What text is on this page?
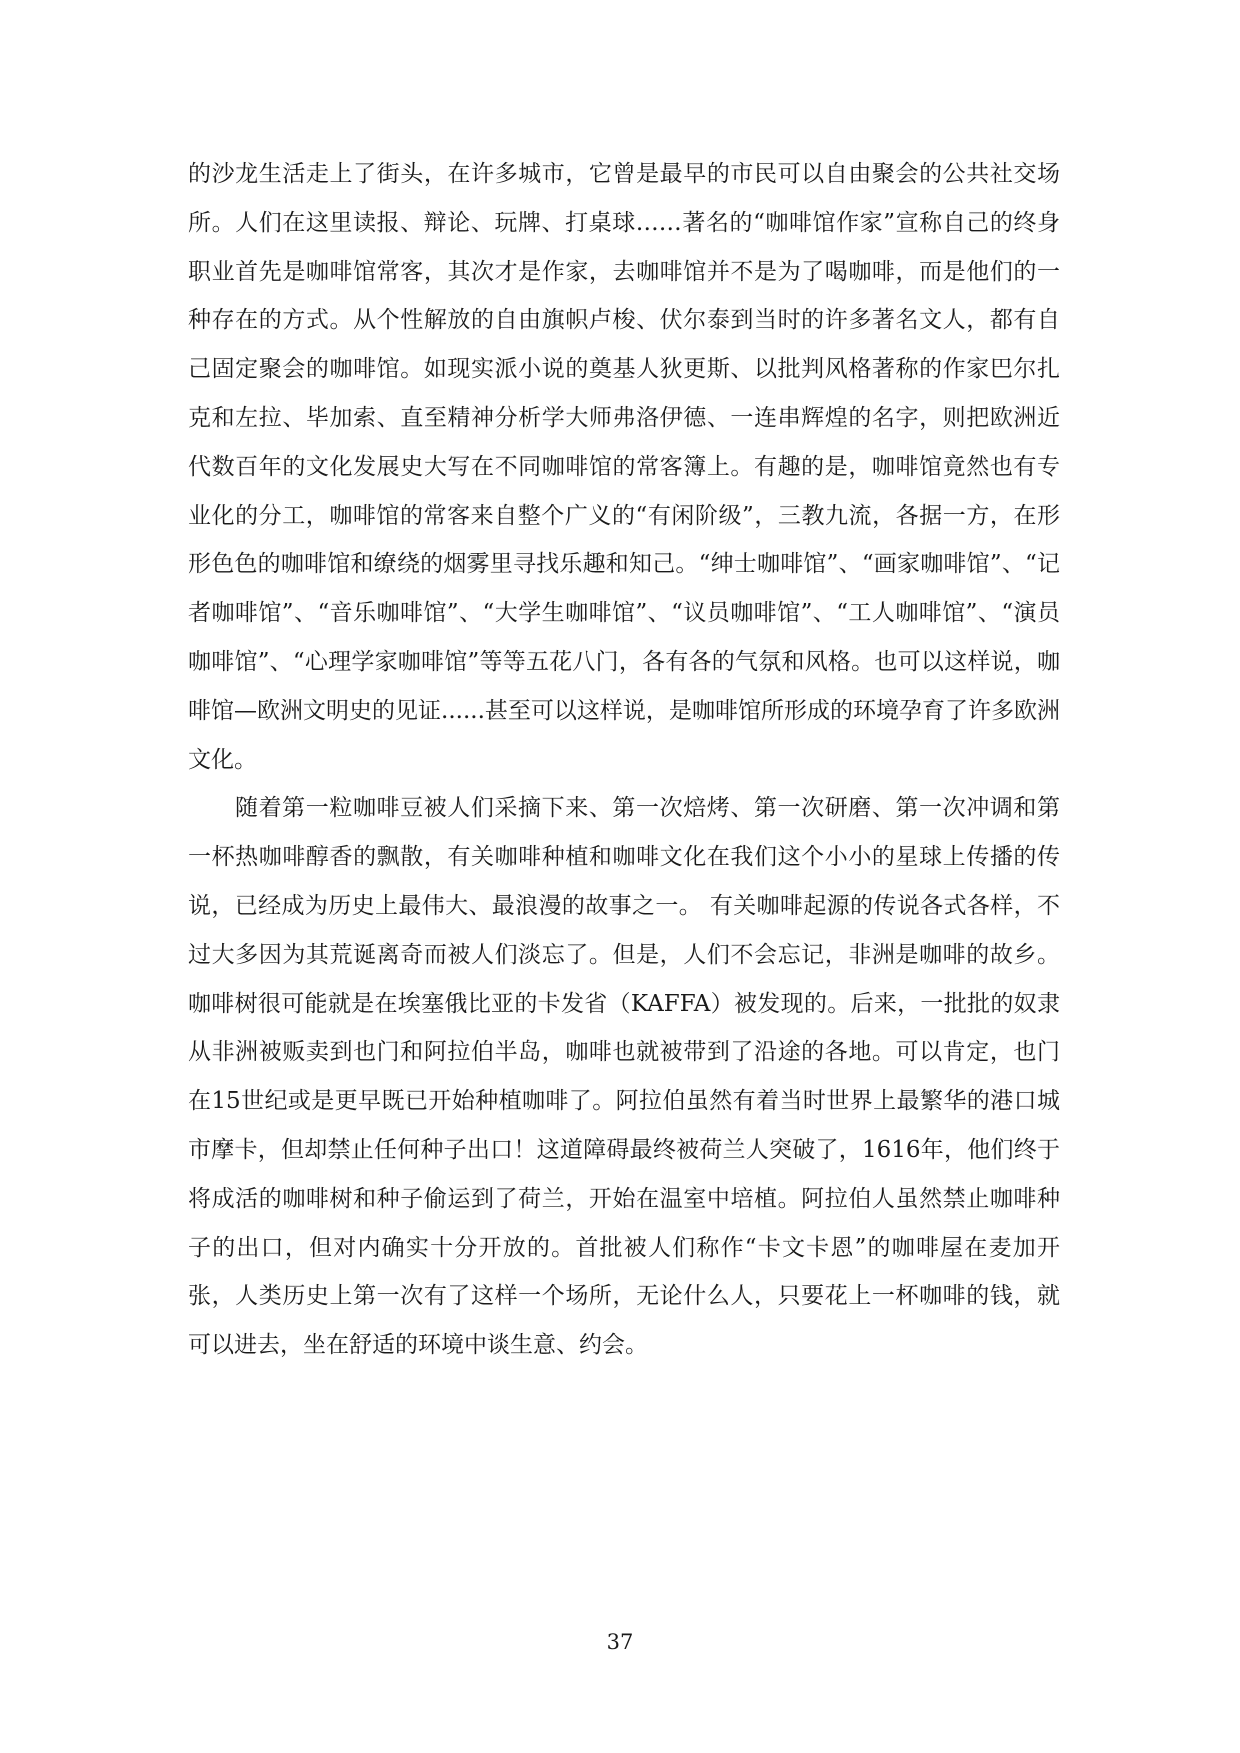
的沙龙生活走上了街头，在许多城市，它曾是最早的市民可以自由聚会的公共社交场所。人们在这里读报、辩论、玩牌、打桌球……著名的“咖啡馆作家”宣称自己的终身职业首先是咖啡馆常客，其次才是作家，去咖啡馆并不是为了喝咖啡，而是他们的一种存在的方式。从个性解放的自由旗帜卢梭、伏尔泰到当时的许多著名文人，都有自己固定聚会的咖啡馆。如现实派小说的奠基人狄更斯、以批判风格著称的作家巴尔扎克和左拉、毕加索、直至精神分析学大师弗洛伊德、一连串辉煌的名字，则把欧洲近代数百年的文化发展史大写在不同咖啡馆的常客簿上。有趣的是，咖啡馆竟然也有专业化的分工，咖啡馆的常客来自整个广义的“有闲阶级”，三教九流，各据一方，在形形色色的咖啡馆和缭绕的烟雾里寻找乐趣和知己。“绅士咖啡馆”、“画家咖啡馆”、“记者咖啡馆”、“音乐咖啡馆”、“大学生咖啡馆”、“议员咖啡馆”、“工人咖啡馆”、“演员咖啡馆”、“心理学家咖啡馆”等等五花八门，各有各的气氛和风格。也可以这样说，咖啡馆—欧洲文明史的见证......甚至可以这样说，是咖啡馆所形成的环境孕育了许多欧洲文化。

随着第一粒咖啡豆被人们采摘下来、第一次焙烤、第一次研磨、第一次冲调和第一杯热咖啡醇香的飘散，有关咖啡种植和咖啡文化在我们这个小小的星球上传播的传说，已经成为历史上最伟大、最浪漫的故事之一。 有关咖啡起源的传说各式各样，不过大多因为其荒诞离奇而被人们淡忘了。但是，人们不会忘记，非洲是咖啡的故乡。咖啡树很可能就是在埃塞俄比亚的卡发省（KAFFA）被发现的。后来，一批批的奴隶从非洲被贩卖到也门和阿拉伯半岛，咖啡也就被带到了沿途的各地。可以肯定，也门在15世纪或是更早既已开始种植咖啡了。阿拉伯虽然有着当时世界上最繁华的港口城市摩卡，但却禁止任何种子出口！这道障碍最终被荷兰人突破了，1616年，他们终于将成活的咖啡树和种子偷运到了荷兰，开始在温室中培植。阿拉伯人虽然禁止咖啡种子的出口，但对内确实十分开放的。首批被人们称作“卡文卡恩”的咖啡屋在麦加开张，人类历史上第一次有了这样一个场所，无论什么人，只要花上一杯咖啡的钱，就可以进去，坐在舒适的环境中谈生意、约会。

37
